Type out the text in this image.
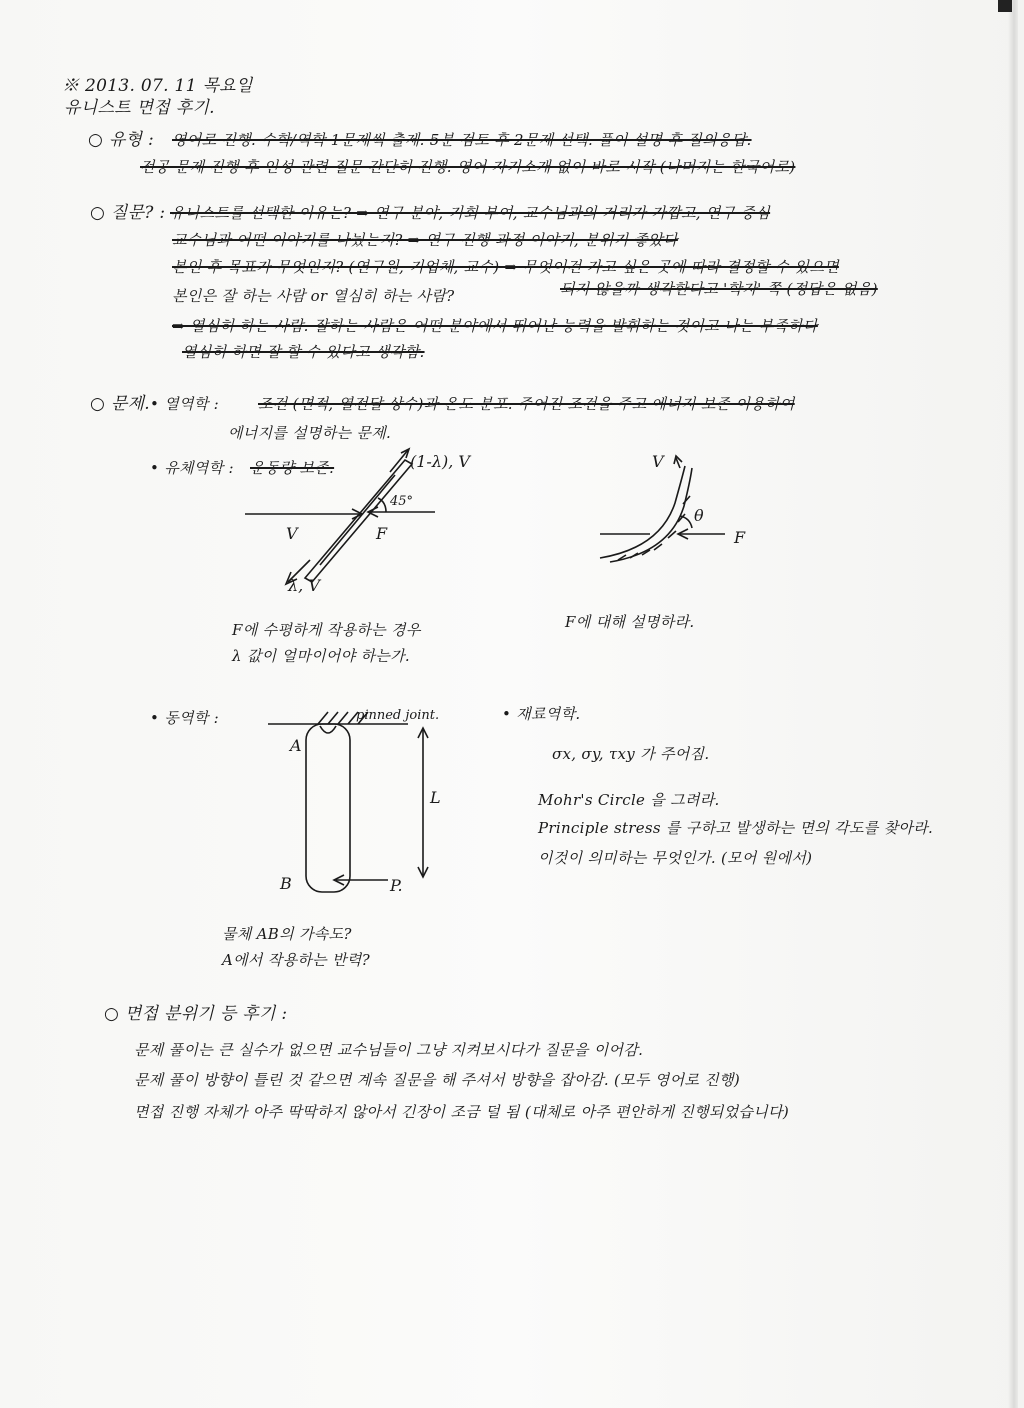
※ 2013. 07. 11 목요일
유니스트 면접 후기.
○ 유형 : 영어로 진행. 수학/역학 1문제씩 출제. 5분 검토 후 2문제 선택. 풀이 설명 후 질의응답.
전공 문제 진행 후 인성 관련 질문 간단히 진행. 영어 자기소개 없이 바로 시작 (나머지는 한국어로)
○ 질문? : 유니스트를 선택한 이유는? ⇒ 연구 분야, 기회 부여, 교수님과의 거리가 가깝고, 연구 중심
교수님과 어떤 이야기를 나눴는지? ⇒ 연구 진행 과정 이야기, 분위기 좋았다
본인 후 목표가 무엇인지? (연구원, 기업체, 교수) ⇒ 무엇이건 가고 싶은 곳에 따라 결정할 수 있으면
되지 않을까 생각한다고 '학자' 쪽 (정답은 없음)
본인은 잘 하는 사람 or 열심히 하는 사람?
⇒ 열심히 하는 사람. 잘하는 사람은 어떤 분야에서 뛰어난 능력을 발휘하는 것이고 나는 부족하다
열심히 하면 잘 할 수 있다고 생각함.
○ 문제. • 열역학 :	조건 (면적, 열전달 상수)과 온도 분포. 주어진 조건을 주고 에너지 보존 이용하여
에너지를 설명하는 문제.
• 유체역학 : 운동량 보존.
V
(1-λ), V
λ, V
F
45°
V
θ
F
F에 수평하게 작용하는 경우
λ 값이 얼마이어야 하는가.
F에 대해 설명하라.
• 동역학 :	pinned joint.
A
B
L
P.
물체 AB의 가속도?
A에서 작용하는 반력?
• 재료역학.
σx, σy, τxy 가 주어짐.
Mohr's Circle 을 그려라.
Principle stress 를 구하고 발생하는 면의 각도를 찾아라.
이것이 의미하는 무엇인가. (모어 원에서)
○ 면접 분위기 등 후기 :
문제 풀이는 큰 실수가 없으면 교수님들이 그냥 지켜보시다가 질문을 이어감.
문제 풀이 방향이 틀린 것 같으면 계속 질문을 해 주셔서 방향을 잡아감. (모두 영어로 진행)
면접 진행 자체가 아주 딱딱하지 않아서 긴장이 조금 덜 됨 (대체로 아주 편안하게 진행되었습니다)
